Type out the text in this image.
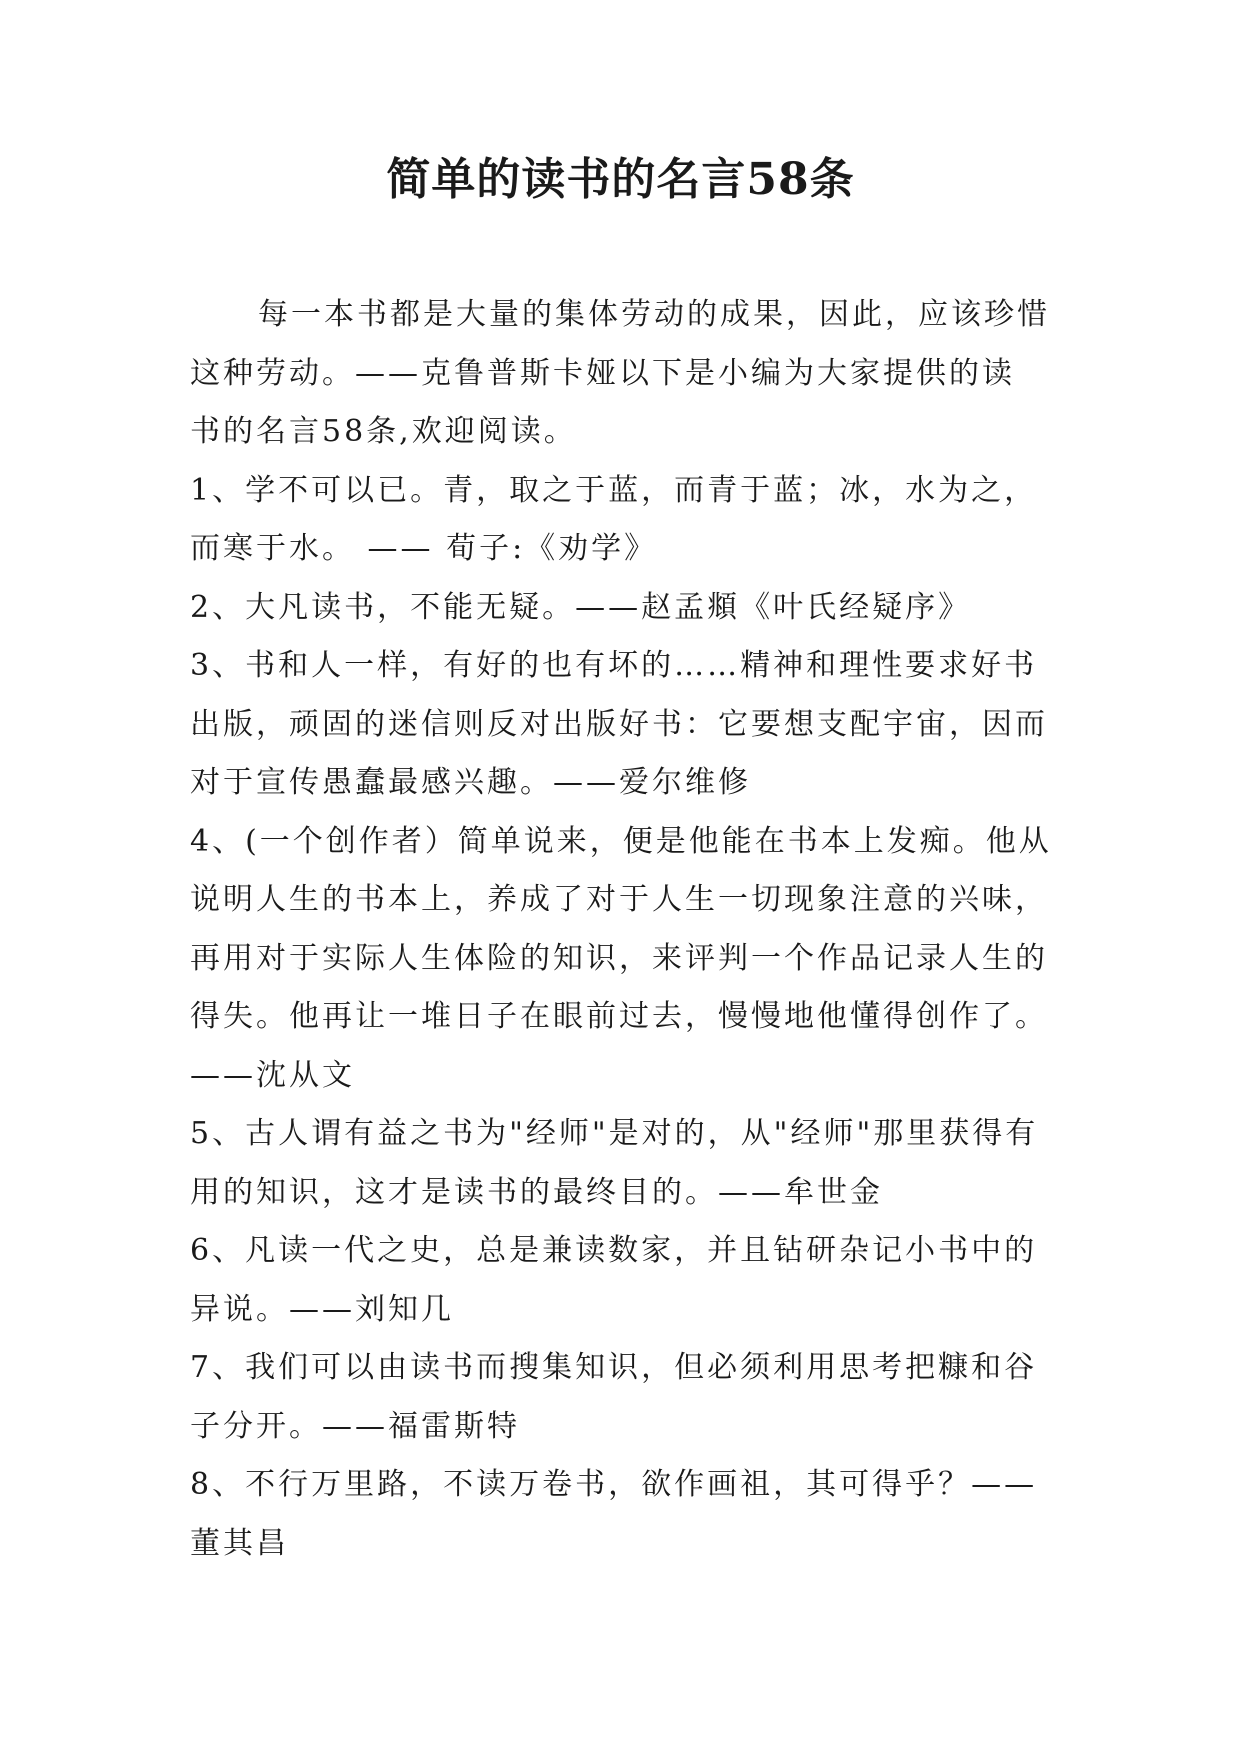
简单的读书的名言58条
每一本书都是大量的集体劳动的成果，因此，应该珍惜
这种劳动。——克鲁普斯卡娅以下是小编为大家提供的读
书的名言58条,欢迎阅读。
1、学不可以已。青，取之于蓝，而青于蓝；冰，水为之，
而寒于水。 —— 荀子:《劝学》
2、大凡读书，不能无疑。——赵孟頫《叶氏经疑序》
3、书和人一样，有好的也有坏的……精神和理性要求好书
出版，顽固的迷信则反对出版好书：它要想支配宇宙，因而
对于宣传愚蠢最感兴趣。——爱尔维修
4、(一个创作者）简单说来，便是他能在书本上发痴。他从
说明人生的书本上，养成了对于人生一切现象注意的兴味，
再用对于实际人生体险的知识，来评判一个作品记录人生的
得失。他再让一堆日子在眼前过去，慢慢地他懂得创作了。
——沈从文
5、古人谓有益之书为"经师"是对的，从"经师"那里获得有
用的知识，这才是读书的最终目的。——牟世金
6、凡读一代之史，总是兼读数家，并且钻研杂记小书中的
异说。——刘知几
7、我们可以由读书而搜集知识，但必须利用思考把糠和谷
子分开。——福雷斯特
8、不行万里路，不读万卷书，欲作画祖，其可得乎？——
董其昌
